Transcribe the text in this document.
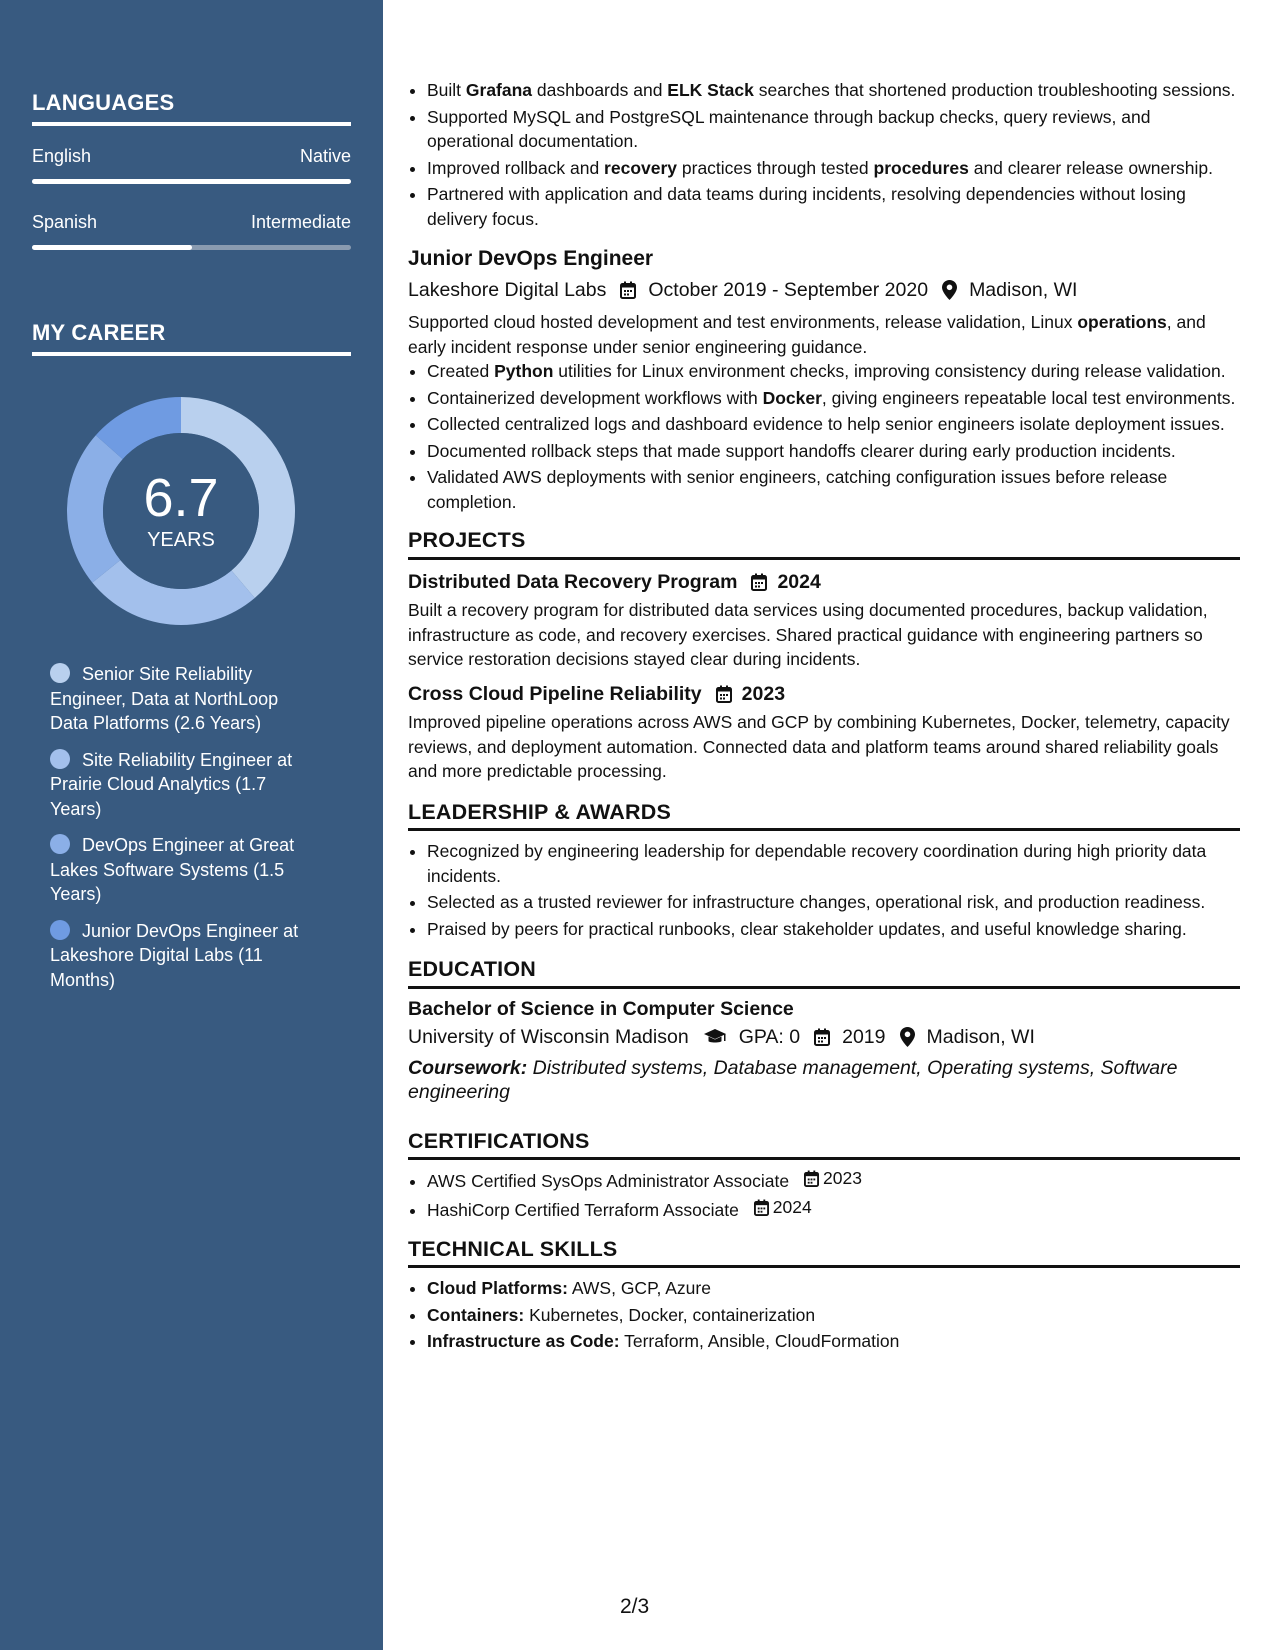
LANGUAGES
English	Native
Spanish	Intermediate
MY CAREER
6.7
YEARS
Senior Site Reliability Engineer, Data at NorthLoop Data Platforms (2.6 Years)
Site Reliability Engineer at Prairie Cloud Analytics (1.7 Years)
DevOps Engineer at Great Lakes Software Systems (1.5 Years)
Junior DevOps Engineer at Lakeshore Digital Labs (11 Months)
• Built Grafana dashboards and ELK Stack searches that shortened production troubleshooting sessions.
• Supported MySQL and PostgreSQL maintenance through backup checks, query reviews, and operational documentation.
• Improved rollback and recovery practices through tested procedures and clearer release ownership.
• Partnered with application and data teams during incidents, resolving dependencies without losing delivery focus.
Junior DevOps Engineer
Lakeshore Digital Labs October 2019 - September 2020 Madison, WI
Supported cloud hosted development and test environments, release validation, Linux operations, and early incident response under senior engineering guidance.
• Created Python utilities for Linux environment checks, improving consistency during release validation.
• Containerized development workflows with Docker, giving engineers repeatable local test environments.
• Collected centralized logs and dashboard evidence to help senior engineers isolate deployment issues.
• Documented rollback steps that made support handoffs clearer during early production incidents.
• Validated AWS deployments with senior engineers, catching configuration issues before release completion.
PROJECTS
Distributed Data Recovery Program 2024
Built a recovery program for distributed data services using documented procedures, backup validation, infrastructure as code, and recovery exercises. Shared practical guidance with engineering partners so service restoration decisions stayed clear during incidents.
Cross Cloud Pipeline Reliability 2023
Improved pipeline operations across AWS and GCP by combining Kubernetes, Docker, telemetry, capacity reviews, and deployment automation. Connected data and platform teams around shared reliability goals and more predictable processing.
LEADERSHIP & AWARDS
• Recognized by engineering leadership for dependable recovery coordination during high priority data incidents.
• Selected as a trusted reviewer for infrastructure changes, operational risk, and production readiness.
• Praised by peers for practical runbooks, clear stakeholder updates, and useful knowledge sharing.
EDUCATION
Bachelor of Science in Computer Science
University of Wisconsin Madison	GPA: 0 2019 Madison, WI
Coursework: Distributed systems, Database management, Operating systems, Software engineering
CERTIFICATIONS
• AWS Certified SysOps Administrator Associate 2023
• HashiCorp Certified Terraform Associate 2024
TECHNICAL SKILLS
• Cloud Platforms: AWS, GCP, Azure
• Containers: Kubernetes, Docker, containerization
• Infrastructure as Code: Terraform, Ansible, CloudFormation
2/3
